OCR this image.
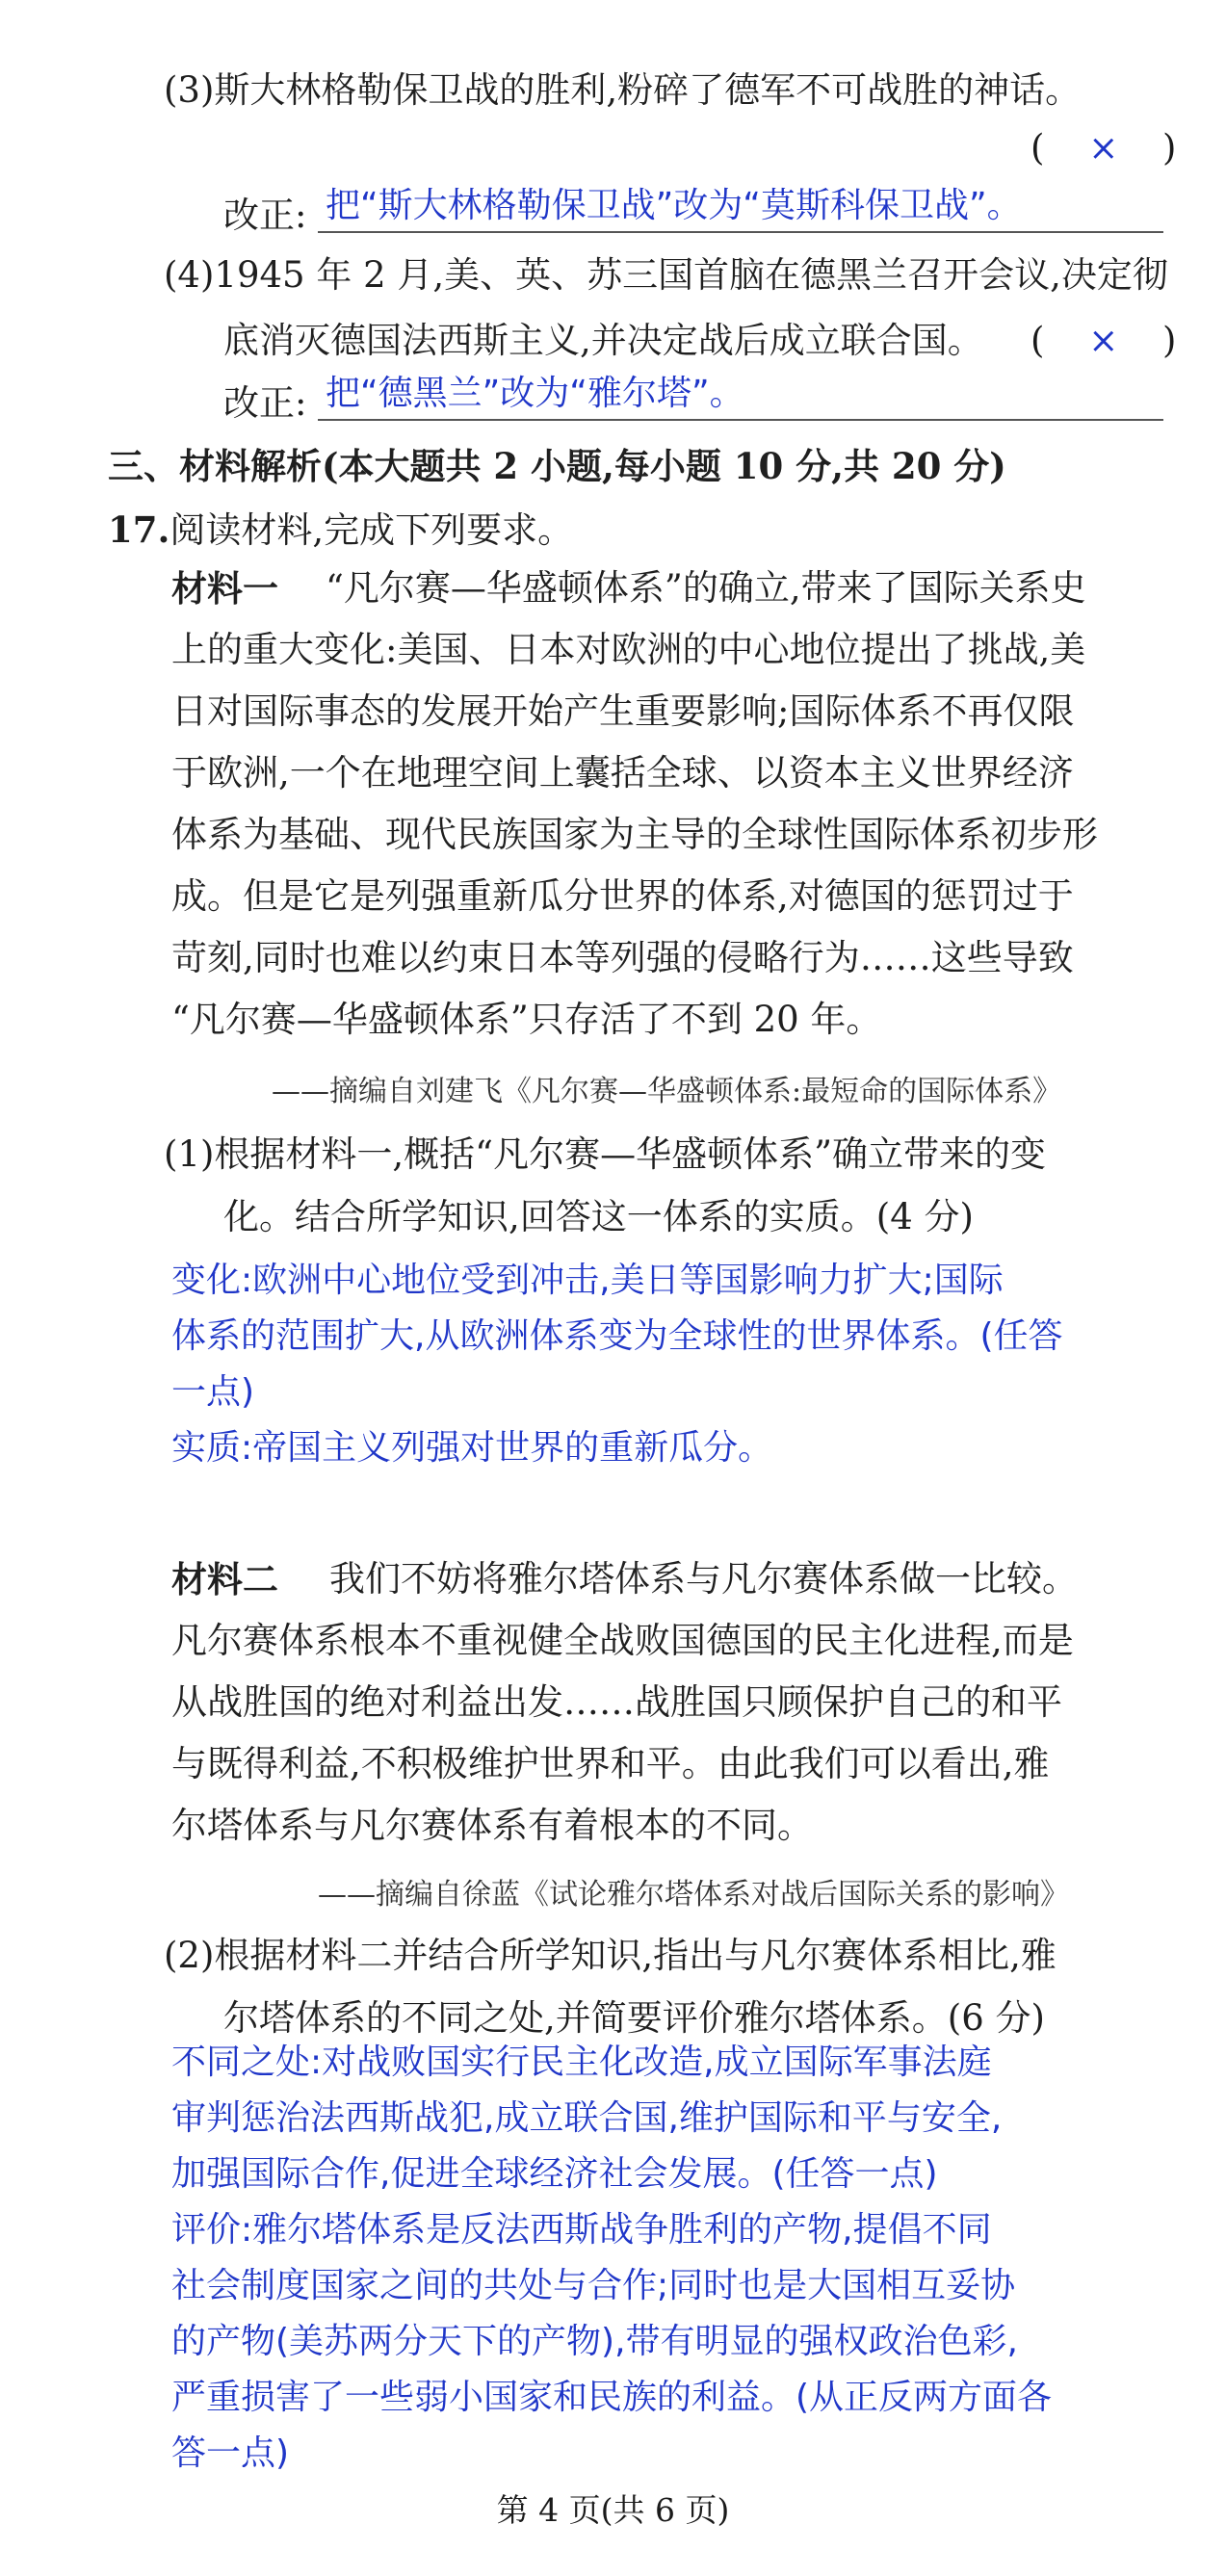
(3)斯大林格勒保卫战的胜利,粉碎了德军不可战胜的神话。
( × )
改正: 把“斯大林格勒保卫战”改为“莫斯科保卫战”。
(4)1945 年 2 月,美、英、苏三国首脑在德黑兰召开会议,决定彻
底消灭德国法西斯主义,并决定战后成立联合国。 ( × )
改正: 把“德黑兰”改为“雅尔塔”。
三、材料解析(本大题共 2 小题,每小题 10 分,共 20 分)
17.阅读材料,完成下列要求。
材料一 “凡尔赛—华盛顿体系”的确立,带来了国际关系史
上的重大变化:美国、日本对欧洲的中心地位提出了挑战,美
日对国际事态的发展开始产生重要影响;国际体系不再仅限
于欧洲,一个在地理空间上囊括全球、以资本主义世界经济
体系为基础、现代民族国家为主导的全球性国际体系初步形
成。但是它是列强重新瓜分世界的体系,对德国的惩罚过于
苛刻,同时也难以约束日本等列强的侵略行为……这些导致
“凡尔赛—华盛顿体系”只存活了不到 20 年。
——摘编自刘建飞《凡尔赛—华盛顿体系:最短命的国际体系》
(1)根据材料一,概括“凡尔赛—华盛顿体系”确立带来的变
化。结合所学知识,回答这一体系的实质。(4 分)
变化:欧洲中心地位受到冲击,美日等国影响力扩大;国际
体系的范围扩大,从欧洲体系变为全球性的世界体系。(任答
一点)
实质:帝国主义列强对世界的重新瓜分。
材料二 我们不妨将雅尔塔体系与凡尔赛体系做一比较。
凡尔赛体系根本不重视健全战败国德国的民主化进程,而是
从战胜国的绝对利益出发……战胜国只顾保护自己的和平
与既得利益,不积极维护世界和平。由此我们可以看出,雅
尔塔体系与凡尔赛体系有着根本的不同。
——摘编自徐蓝《试论雅尔塔体系对战后国际关系的影响》
(2)根据材料二并结合所学知识,指出与凡尔赛体系相比,雅
尔塔体系的不同之处,并简要评价雅尔塔体系。(6 分)
不同之处:对战败国实行民主化改造,成立国际军事法庭
审判惩治法西斯战犯,成立联合国,维护国际和平与安全,
加强国际合作,促进全球经济社会发展。(任答一点)
评价:雅尔塔体系是反法西斯战争胜利的产物,提倡不同
社会制度国家之间的共处与合作;同时也是大国相互妥协
的产物(美苏两分天下的产物),带有明显的强权政治色彩,
严重损害了一些弱小国家和民族的利益。(从正反两方面各
答一点)
第 4 页(共 6 页)
